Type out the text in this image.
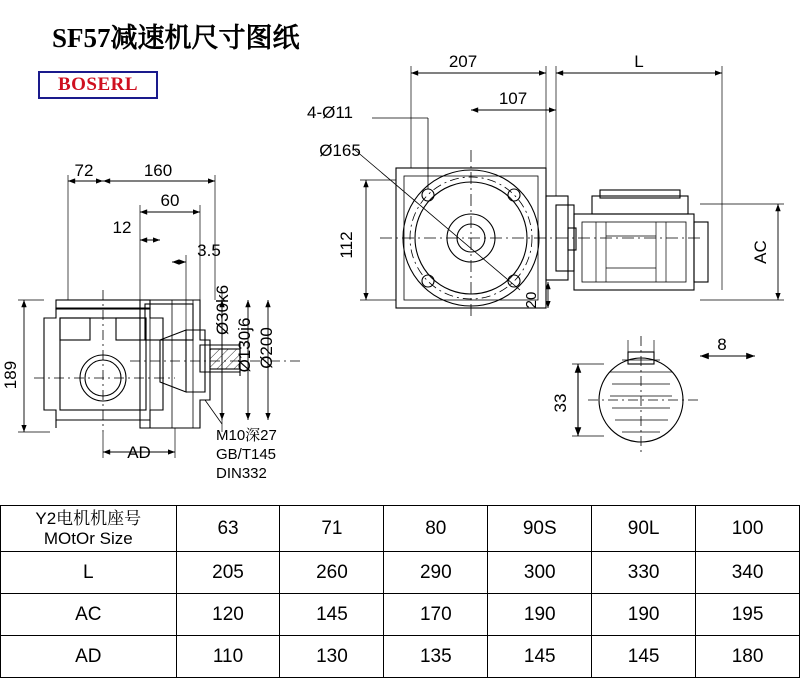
SF57减速机尺寸图纸
BOSERL
207	L
107
4-Ø11
Ø165
112
20
AC
72	160
60
12
3.5
189
Ø30k6
Ø130j6 Ø200
AD
8
33
M10深27
GB/T145
DIN332
Y2电机机座号
MOtOr Size	63	71	80	90S	90L	100
L	205	260	290	300	330	340
AC	120	145	170	190	190	195
AD	110	130	135	145	145	180
